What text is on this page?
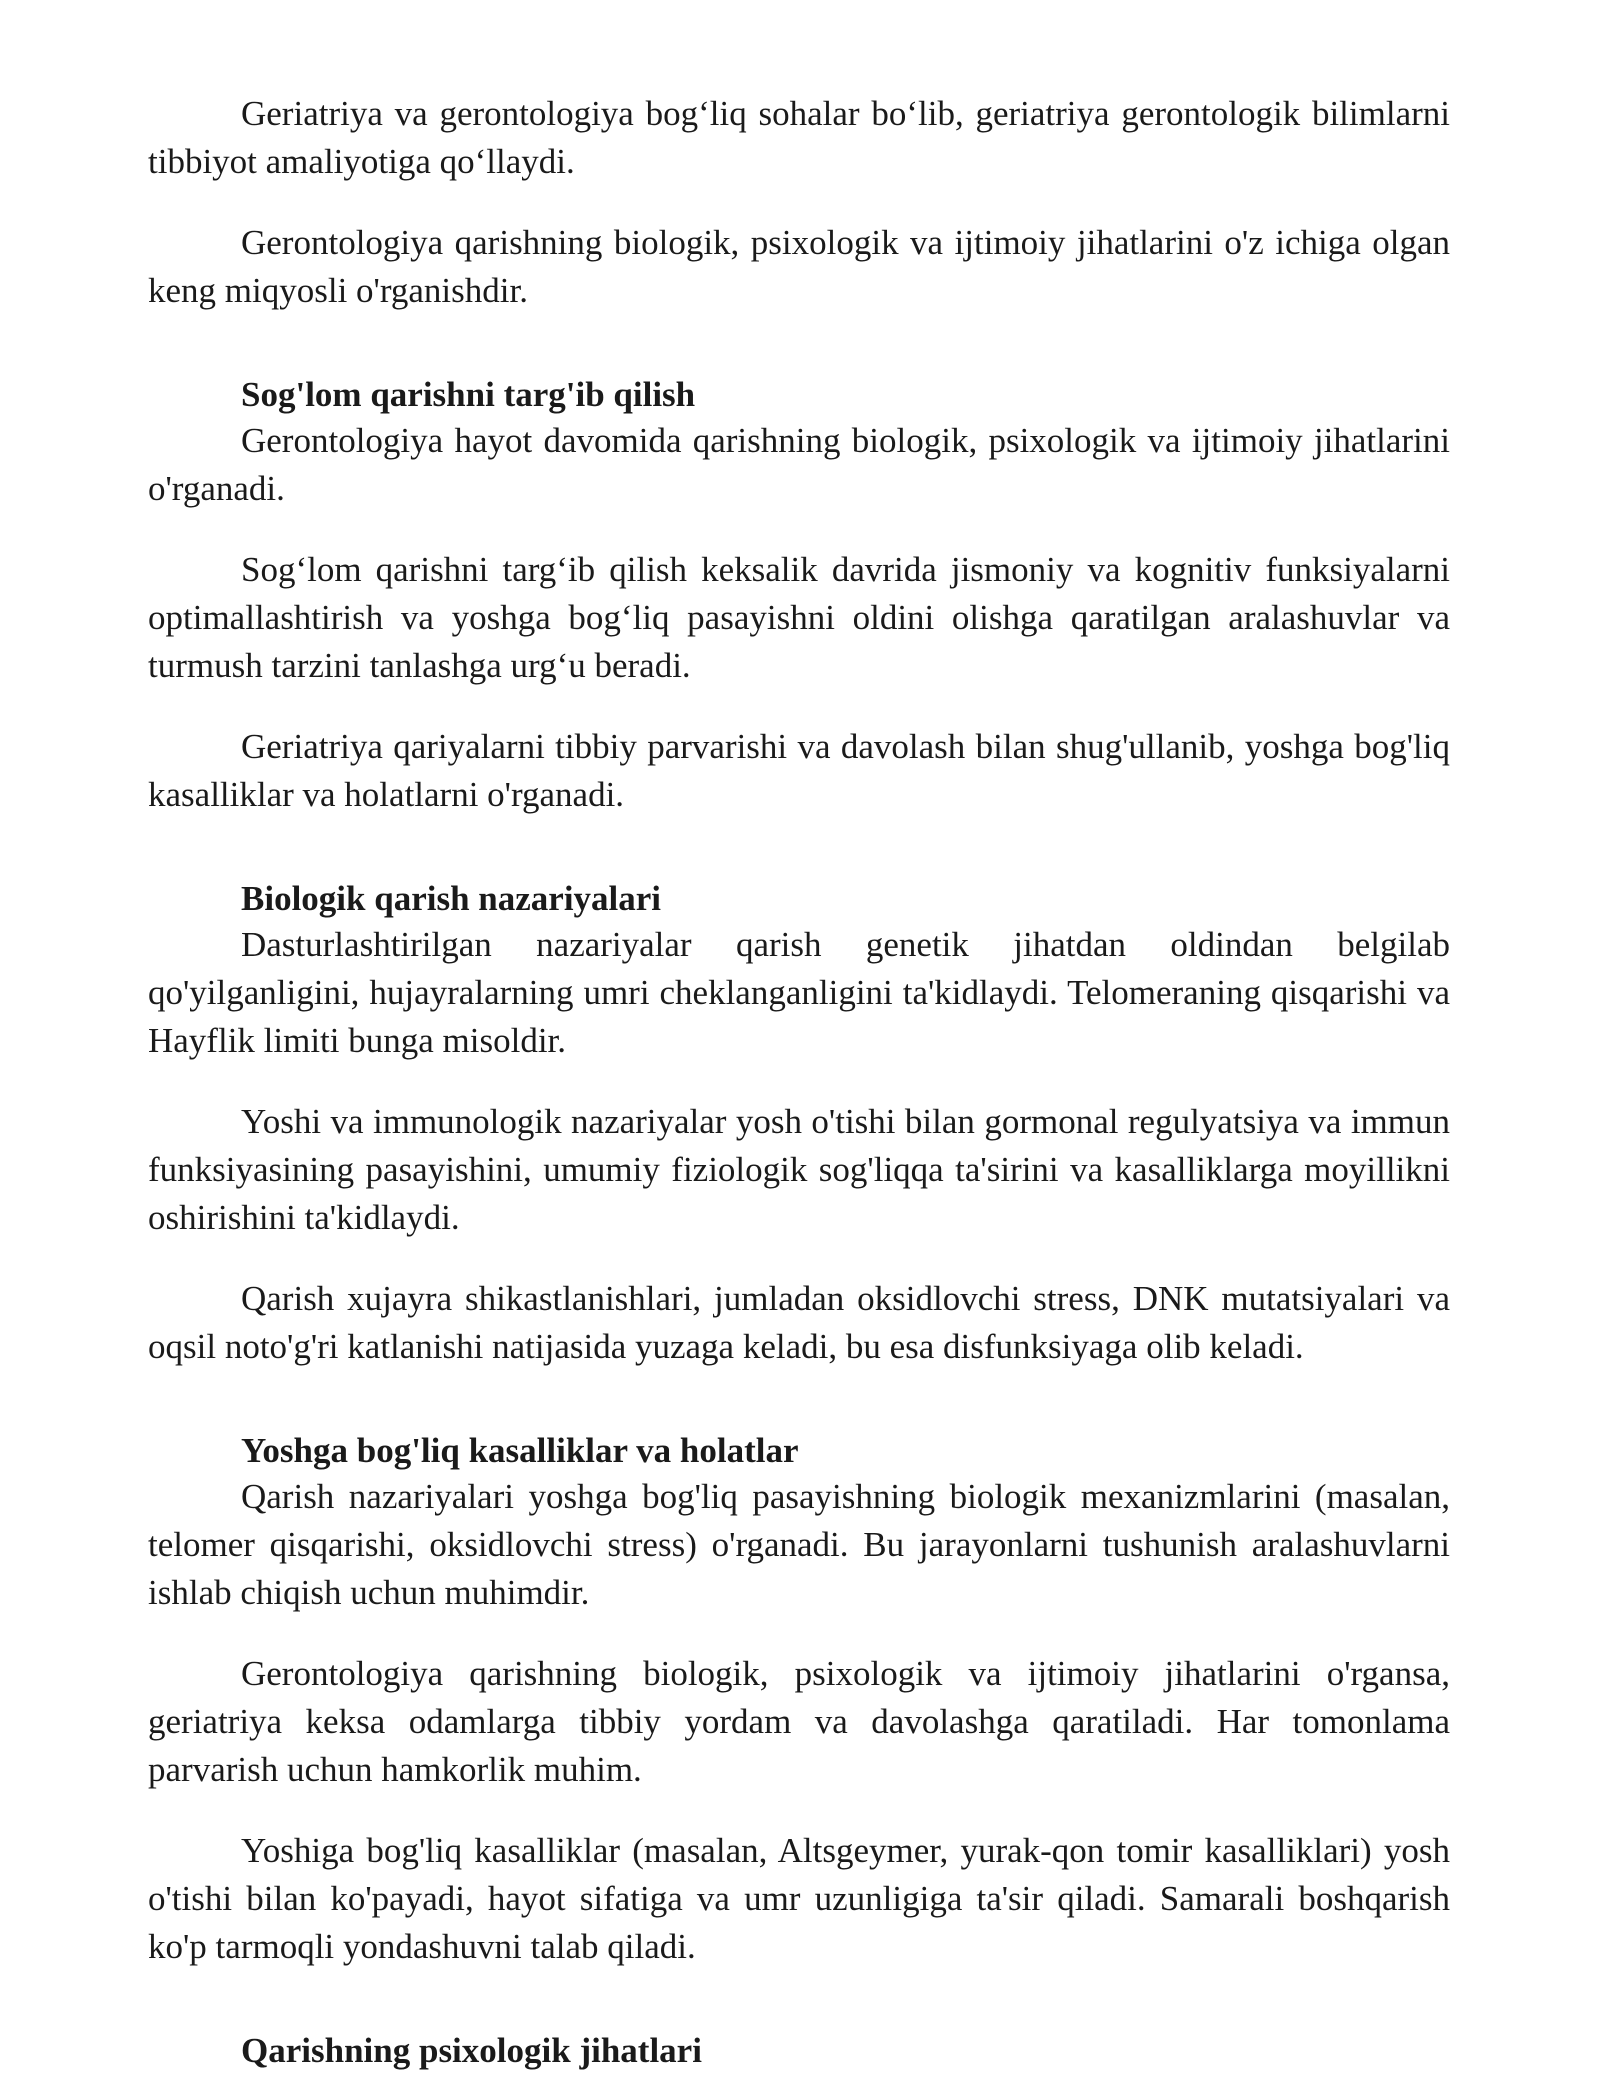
Geriatriya va gerontologiya bog‘liq sohalar bo‘lib, geriatriya gerontologik bilimlarni tibbiyot amaliyotiga qo‘llaydi.

Gerontologiya qarishning biologik, psixologik va ijtimoiy jihatlarini o'z ichiga olgan keng miqyosli o'rganishdir.

Sog'lom qarishni targ'ib qilish

Gerontologiya hayot davomida qarishning biologik, psixologik va ijtimoiy jihatlarini o'rganadi.

Sog‘lom qarishni targ‘ib qilish keksalik davrida jismoniy va kognitiv funksiyalarni optimallashtirish va yoshga bog‘liq pasayishni oldini olishga qaratilgan aralashuvlar va turmush tarzini tanlashga urg‘u beradi.

Geriatriya qariyalarni tibbiy parvarishi va davolash bilan shug'ullanib, yoshga bog'liq kasalliklar va holatlarni o'rganadi.

Biologik qarish nazariyalari

Dasturlashtirilgan nazariyalar qarish genetik jihatdan oldindan belgilab qo'yilganligini, hujayralarning umri cheklanganligini ta'kidlaydi. Telomeraning qisqarishi va Hayflik limiti bunga misoldir.

Yoshi va immunologik nazariyalar yosh o'tishi bilan gormonal regulyatsiya va immun funksiyasining pasayishini, umumiy fiziologik sog'liqqa ta'sirini va kasalliklarga moyillikni oshirishini ta'kidlaydi.

Qarish xujayra shikastlanishlari, jumladan oksidlovchi stress, DNK mutatsiyalari va oqsil noto'g'ri katlanishi natijasida yuzaga keladi, bu esa disfunksiyaga olib keladi.

Yoshga bog'liq kasalliklar va holatlar

Qarish nazariyalari yoshga bog'liq pasayishning biologik mexanizmlarini (masalan, telomer qisqarishi, oksidlovchi stress) o'rganadi. Bu jarayonlarni tushunish aralashuvlarni ishlab chiqish uchun muhimdir.

Gerontologiya qarishning biologik, psixologik va ijtimoiy jihatlarini o'rgansa, geriatriya keksa odamlarga tibbiy yordam va davolashga qaratiladi. Har tomonlama parvarish uchun hamkorlik muhim.

Yoshiga bog'liq kasalliklar (masalan, Altsgeymer, yurak-qon tomir kasalliklari) yosh o'tishi bilan ko'payadi, hayot sifatiga va umr uzunligiga ta'sir qiladi. Samarali boshqarish ko'p tarmoqli yondashuvni talab qiladi.

Qarishning psixologik jihatlari
